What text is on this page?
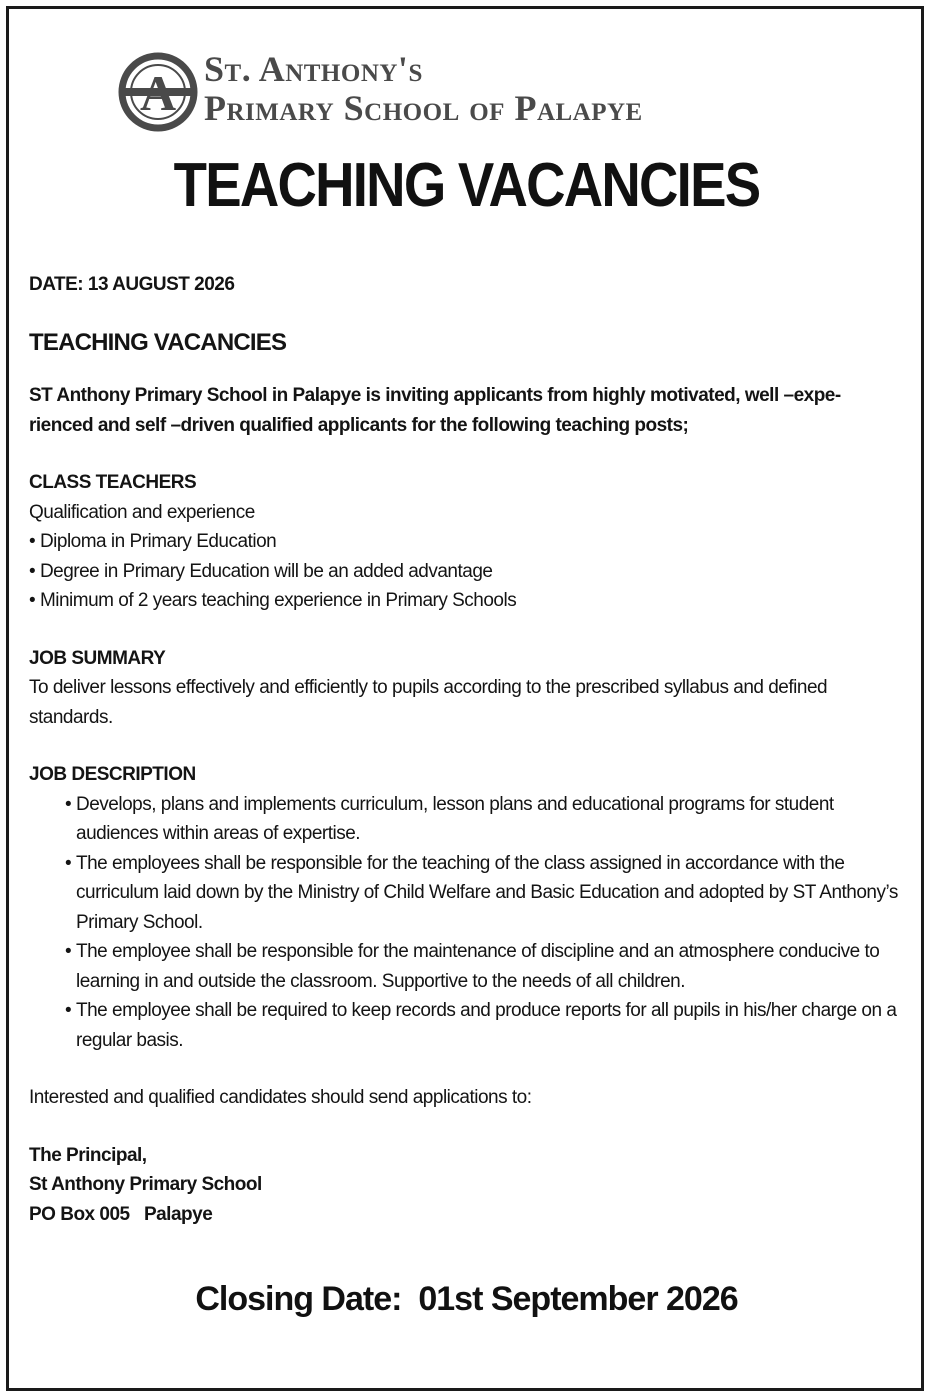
A St. Anthony's
Primary School of Palapye
TEACHING VACANCIES

DATE: 13 AUGUST 2026

TEACHING VACANCIES

ST Anthony Primary School in Palapye is inviting applicants from highly motivated, well –expe-rienced and self –driven qualified applicants for the following teaching posts;

CLASS TEACHERS

Qualification and experience

• Diploma in Primary Education
• Degree in Primary Education will be an added advantage
• Minimum of 2 years teaching experience in Primary Schools

JOB SUMMARY

To deliver lessons effectively and efficiently to pupils according to the prescribed syllabus and defined standards.

JOB DESCRIPTION

• Develops, plans and implements curriculum, lesson plans and educational programs for student audiences within areas of expertise.
• The employees shall be responsible for the teaching of the class assigned in accordance with the curriculum laid down by the Ministry of Child Welfare and Basic Education and adopted by ST Anthony’s Primary School.
• The employee shall be responsible for the maintenance of discipline and an atmosphere conducive to learning in and outside the classroom. Supportive to the needs of all children.
• The employee shall be required to keep records and produce reports for all pupils in his/her charge on a regular basis.

Interested and qualified candidates should send applications to:

The Principal,

St Anthony Primary School

PO Box 005   Palapye

Closing Date:  01st September 2026
